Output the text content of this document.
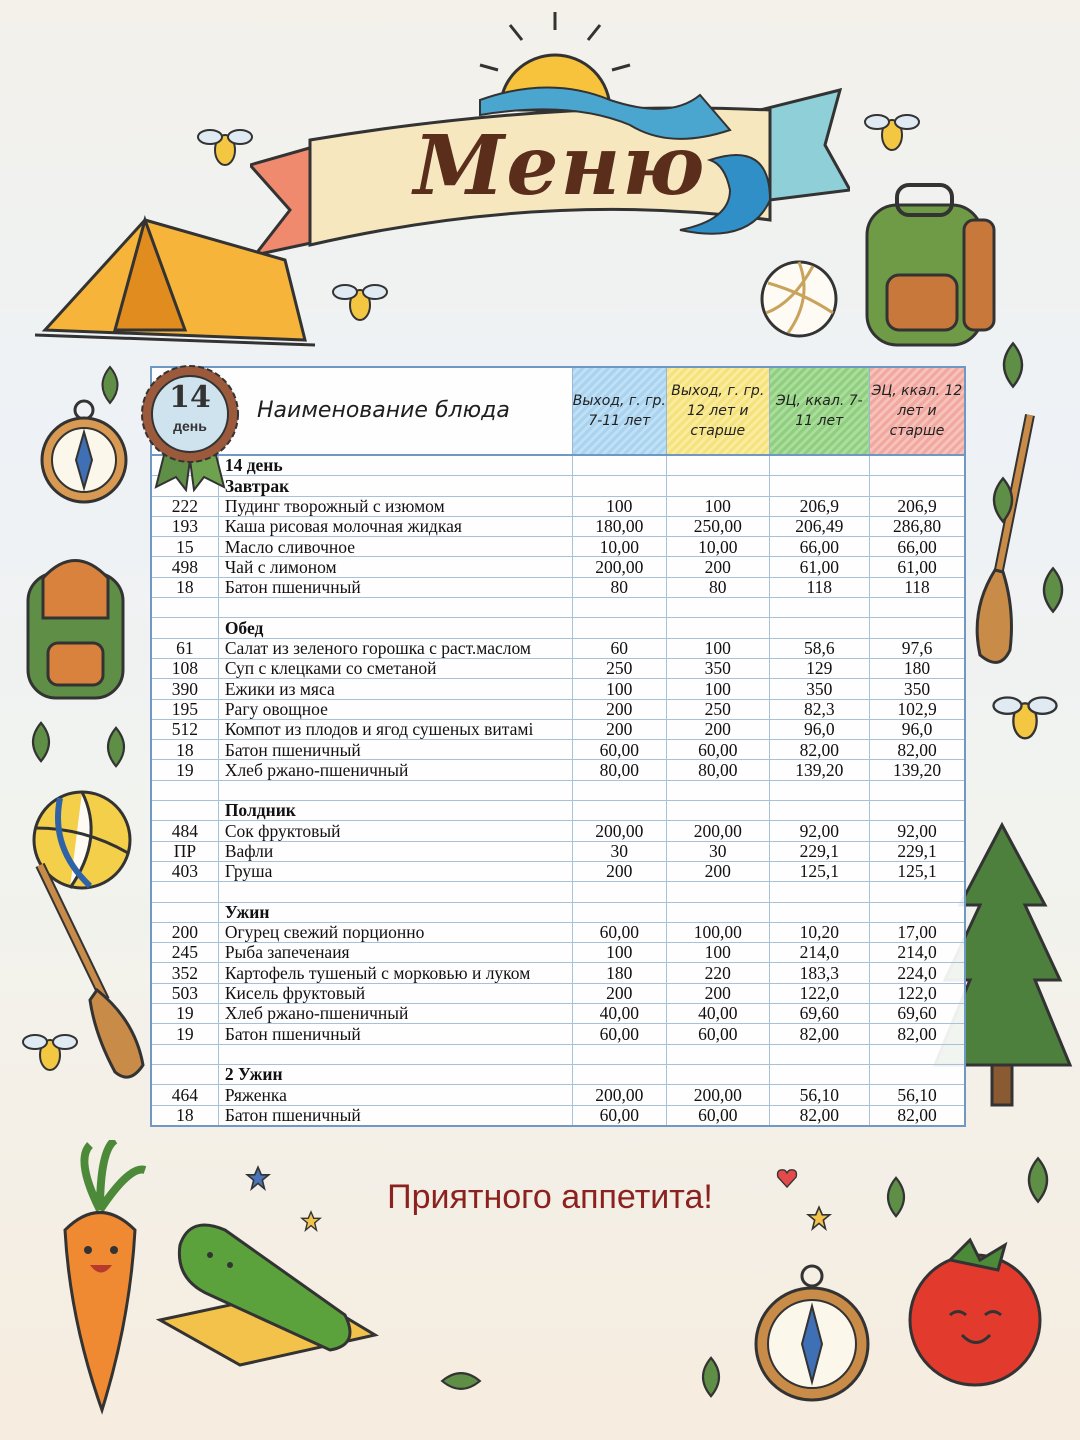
Меню
Наименование блюда		Выход, г. гр. 7-11 лет	Выход, г. гр. 12 лет и старше	ЭЦ, ккал. 7-11 лет	ЭЦ, ккал. 12 лет и старше
	14 день				
	Завтрак				
222	Пудинг творожный с изюмом	100	100	206,9	206,9
193	Каша рисовая молочная жидкая	180,00	250,00	206,49	286,80
15	Масло сливочное	10,00	10,00	66,00	66,00
498	Чай с лимоном	200,00	200	61,00	61,00
18	Батон пшеничный	80	80	118	118

	Обед				
61	Салат из зеленого горошка с раст.маслом	60	100	58,6	97,6
108	Суп с клецками со сметаной	250	350	129	180
390	Ежики из мяса	100	100	350	350
195	Рагу овощное	200	250	82,3	102,9
512	Компот из плодов и ягод сушеных витамі	200	200	96,0	96,0
18	Батон пшеничный	60,00	60,00	82,00	82,00
19	Хлеб ржано-пшеничный	80,00	80,00	139,20	139,20

	Полдник				
484	Сок фруктовый	200,00	200,00	92,00	92,00
ПР	Вафли	30	30	229,1	229,1
403	Груша	200	200	125,1	125,1

	Ужин				
200	Огурец свежий порционно	60,00	100,00	10,20	17,00
245	Рыба запеченаия	100	100	214,0	214,0
352	Картофель тушеный с морковью и луком	180	220	183,3	224,0
503	Кисель фруктовый	200	200	122,0	122,0
19	Хлеб ржано-пшеничный	40,00	40,00	69,60	69,60
19	Батон пшеничный	60,00	60,00	82,00	82,00

	2 Ужин				
464	Ряженка	200,00	200,00	56,10	56,10
18	Батон пшеничный	60,00	60,00	82,00	82,00
14
день
Приятного аппетита!
